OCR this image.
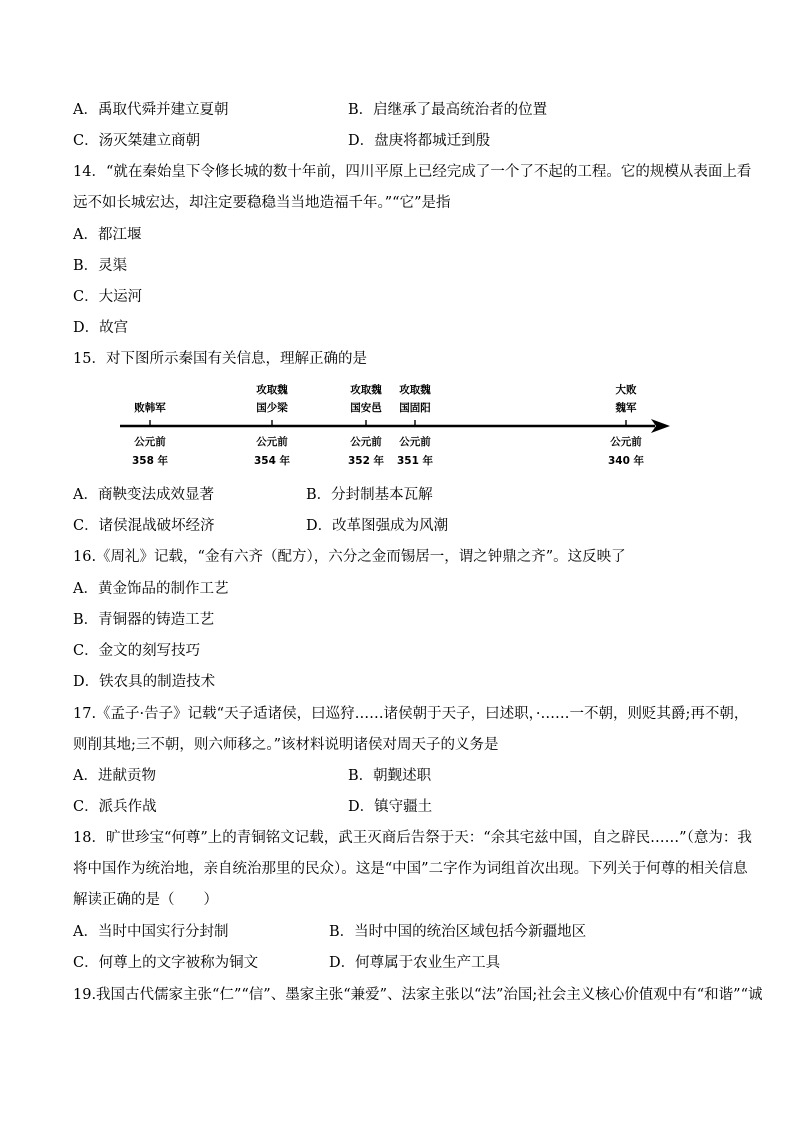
A．禹取代舜并建立夏朝	B．启继承了最高统治者的位置
C．汤灭桀建立商朝	D．盘庚将都城迁到殷
14．“就在秦始皇下令修长城的数十年前，四川平原上已经完成了一个了不起的工程。它的规模从表面上看
远不如长城宏达，却注定要稳稳当当地造福千年。”“它”是指
A．都江堰
B．灵渠
C．大运河
D．故宫
15．对下图所示秦国有关信息，理解正确的是
败韩军
公元前
358 年
攻取魏
国少梁
公元前
354 年
攻取魏
国安邑
公元前
352 年
攻取魏
国固阳
公元前
351 年
大败
魏军
公元前
340 年
A．商鞅变法成效显著	B．分封制基本瓦解
C．诸侯混战破坏经济	D．改革图强成为风潮
16.《周礼》记载，“金有六齐（配方），六分之金而锡居一，谓之钟鼎之齐”。这反映了
A．黄金饰品的制作工艺
B．青铜器的铸造工艺
C．金文的刻写技巧
D．铁农具的制造技术
17.《孟子·告子》记载“天子适诸侯，曰巡狩……诸侯朝于天子，曰述职，·……一不朝，则贬其爵;再不朝，
则削其地;三不朝，则六师移之。”该材料说明诸侯对周天子的义务是
A．进献贡物	B．朝觐述职
C．派兵作战	D．镇守疆土
18．旷世珍宝“何尊”上的青铜铭文记载，武王灭商后告祭于天：“余其宅兹中国，自之辟民……”（意为：我
将中国作为统治地，亲自统治那里的民众）。这是“中国”二字作为词组首次出现。下列关于何尊的相关信息
解读正确的是（　　）
A．当时中国实行分封制	B．当时中国的统治区域包括今新疆地区
C．何尊上的文字被称为铜文	D．何尊属于农业生产工具
19.我国古代儒家主张“仁”“信”、墨家主张“兼爱”、法家主张以“法”治国;社会主义核心价值观中有“和谐”“诚
